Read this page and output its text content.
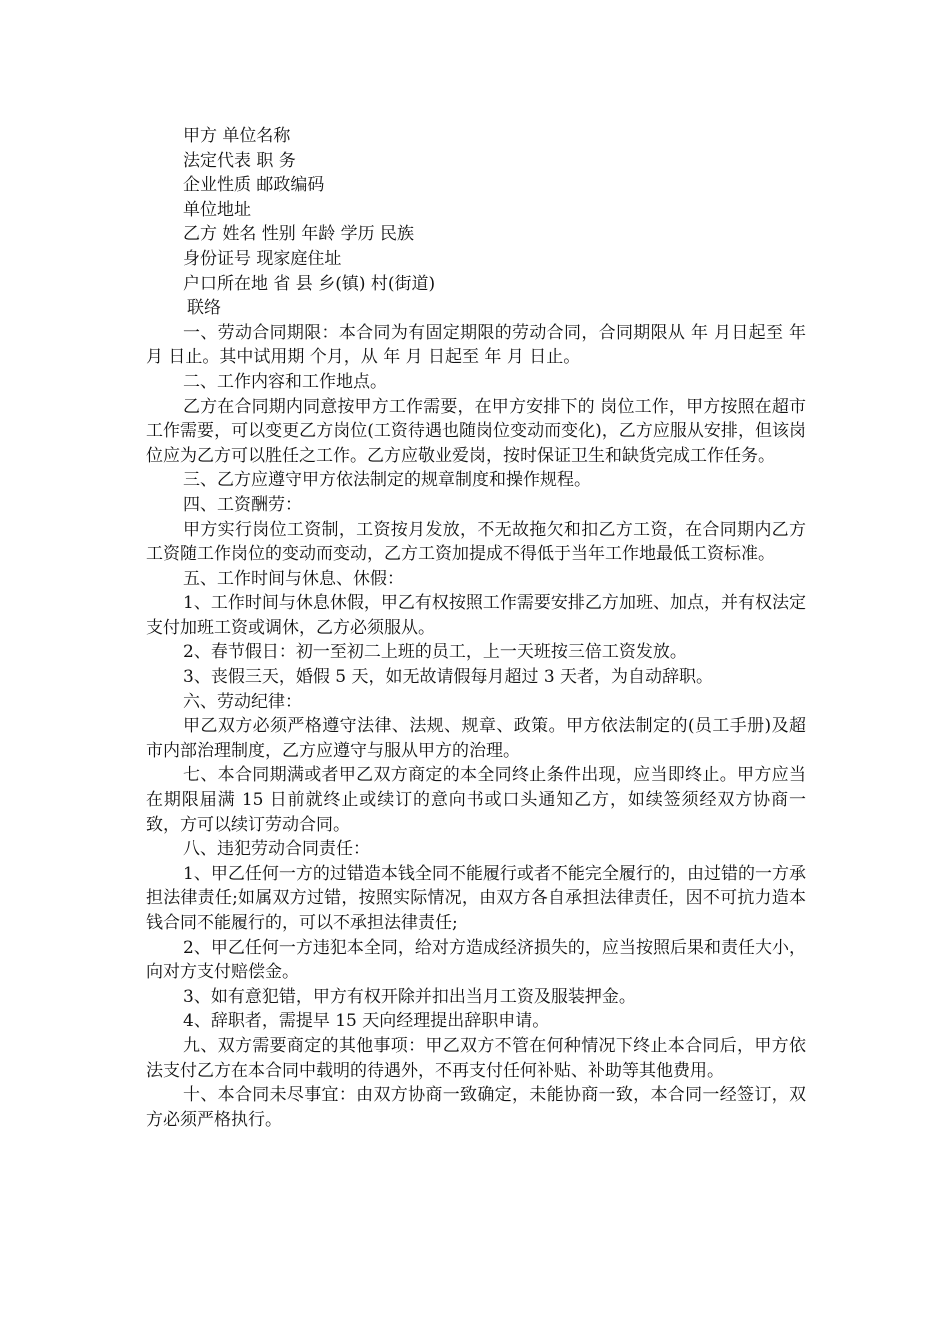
甲方 单位名称

法定代表 职 务

企业性质 邮政编码

单位地址

乙方 姓名 性别 年龄 学历 民族

身份证号 现家庭住址

户口所在地 省 县 乡(镇) 村(街道)

联络

一、劳动合同期限：本合同为有固定期限的劳动合同，合同期限从 年 月日起至 年 月 日止。其中试用期 个月，从 年 月 日起至 年 月 日止。

二、工作内容和工作地点。

乙方在合同期内同意按甲方工作需要，在甲方安排下的 岗位工作，甲方按照在超市工作需要，可以变更乙方岗位(工资待遇也随岗位变动而变化)，乙方应服从安排，但该岗位应为乙方可以胜任之工作。乙方应敬业爱岗，按时保证卫生和缺货完成工作任务。

三、乙方应遵守甲方依法制定的规章制度和操作规程。

四、工资酬劳：

甲方实行岗位工资制，工资按月发放，不无故拖欠和扣乙方工资，在合同期内乙方工资随工作岗位的变动而变动，乙方工资加提成不得低于当年工作地最低工资标准。

五、工作时间与休息、休假：

1、工作时间与休息休假，甲乙有权按照工作需要安排乙方加班、加点，并有权法定支付加班工资或调休，乙方必须服从。

2、春节假日：初一至初二上班的员工，上一天班按三倍工资发放。

3、丧假三天，婚假 5 天，如无故请假每月超过 3 天者，为自动辞职。

六、劳动纪律：

甲乙双方必须严格遵守法律、法规、规章、政策。甲方依法制定的(员工手册)及超市内部治理制度，乙方应遵守与服从甲方的治理。

七、本合同期满或者甲乙双方商定的本全同终止条件出现，应当即终止。甲方应当在期限届满 15 日前就终止或续订的意向书或口头通知乙方，如续签须经双方协商一致，方可以续订劳动合同。

八、违犯劳动合同责任：

1、甲乙任何一方的过错造本钱全同不能履行或者不能完全履行的，由过错的一方承担法律责任;如属双方过错，按照实际情况，由双方各自承担法律责任，因不可抗力造本钱合同不能履行的，可以不承担法律责任;

2、甲乙任何一方违犯本全同，给对方造成经济损失的，应当按照后果和责任大小，向对方支付赔偿金。

3、如有意犯错，甲方有权开除并扣出当月工资及服装押金。

4、辞职者，需提早 15 天向经理提出辞职申请。

九、双方需要商定的其他事项：甲乙双方不管在何种情况下终止本合同后，甲方依法支付乙方在本合同中载明的待遇外，不再支付任何补贴、补助等其他费用。

十、本合同未尽事宜：由双方协商一致确定，未能协商一致，本合同一经签订，双方必须严格执行。
